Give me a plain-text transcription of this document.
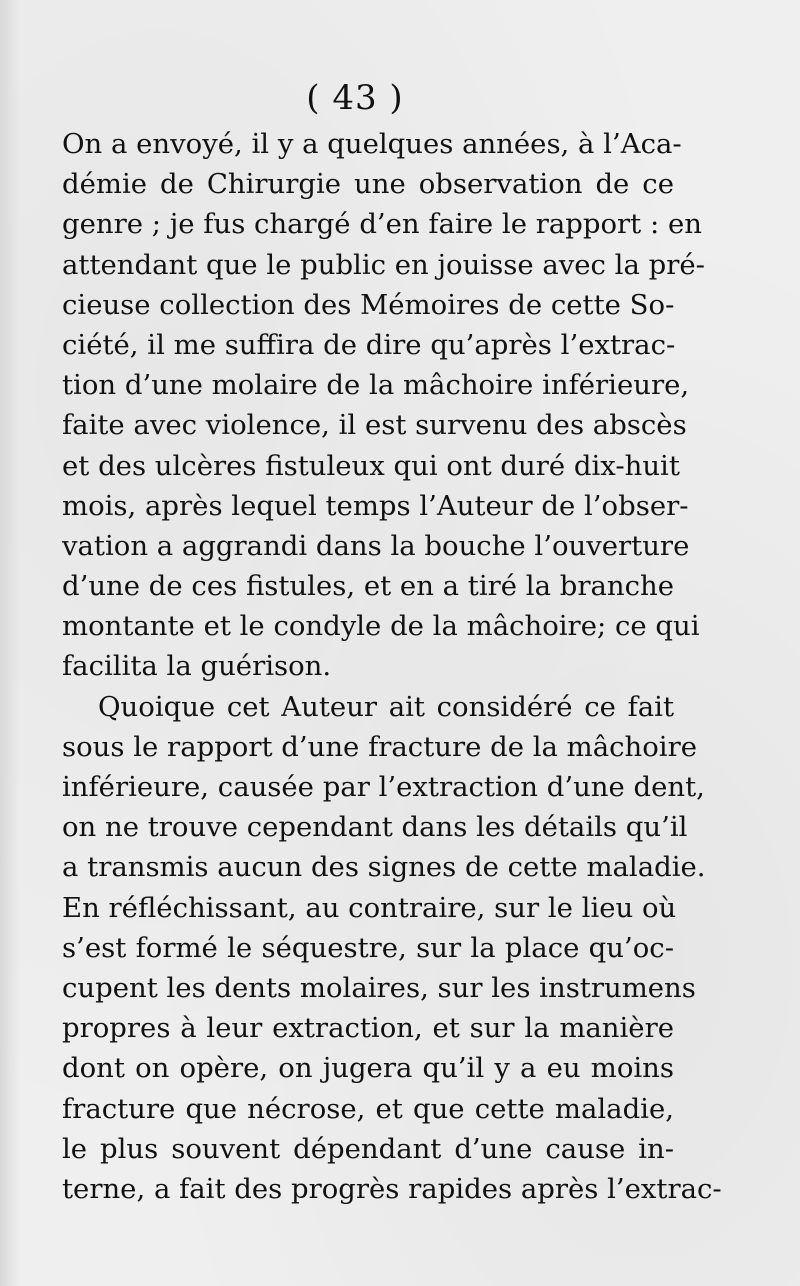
( 43 )
On a envoyé, il y a quelques années, à l’Aca-
démie de Chirurgie une observation de ce
genre ; je fus chargé d’en faire le rapport : en
attendant que le public en jouisse avec la pré-
cieuse collection des Mémoires de cette So-
ciété, il me suffira de dire qu’après l’extrac-
tion d’une molaire de la mâchoire inférieure,
faite avec violence, il est survenu des abscès
et des ulcères fistuleux qui ont duré dix-huit
mois, après lequel temps l’Auteur de l’obser-
vation a aggrandi dans la bouche l’ouverture
d’une de ces fistules, et en a tiré la branche
montante et le condyle de la mâchoire; ce qui
facilita la guérison.
Quoique cet Auteur ait considéré ce fait
sous le rapport d’une fracture de la mâchoire
inférieure, causée par l’extraction d’une dent,
on ne trouve cependant dans les détails qu’il
a transmis aucun des signes de cette maladie.
En réfléchissant, au contraire, sur le lieu où
s’est formé le séquestre, sur la place qu’oc-
cupent les dents molaires, sur les instrumens
propres à leur extraction, et sur la manière
dont on opère, on jugera qu’il y a eu moins
fracture que nécrose, et que cette maladie,
le plus souvent dépendant d’une cause in-
terne, a fait des progrès rapides après l’extrac-
